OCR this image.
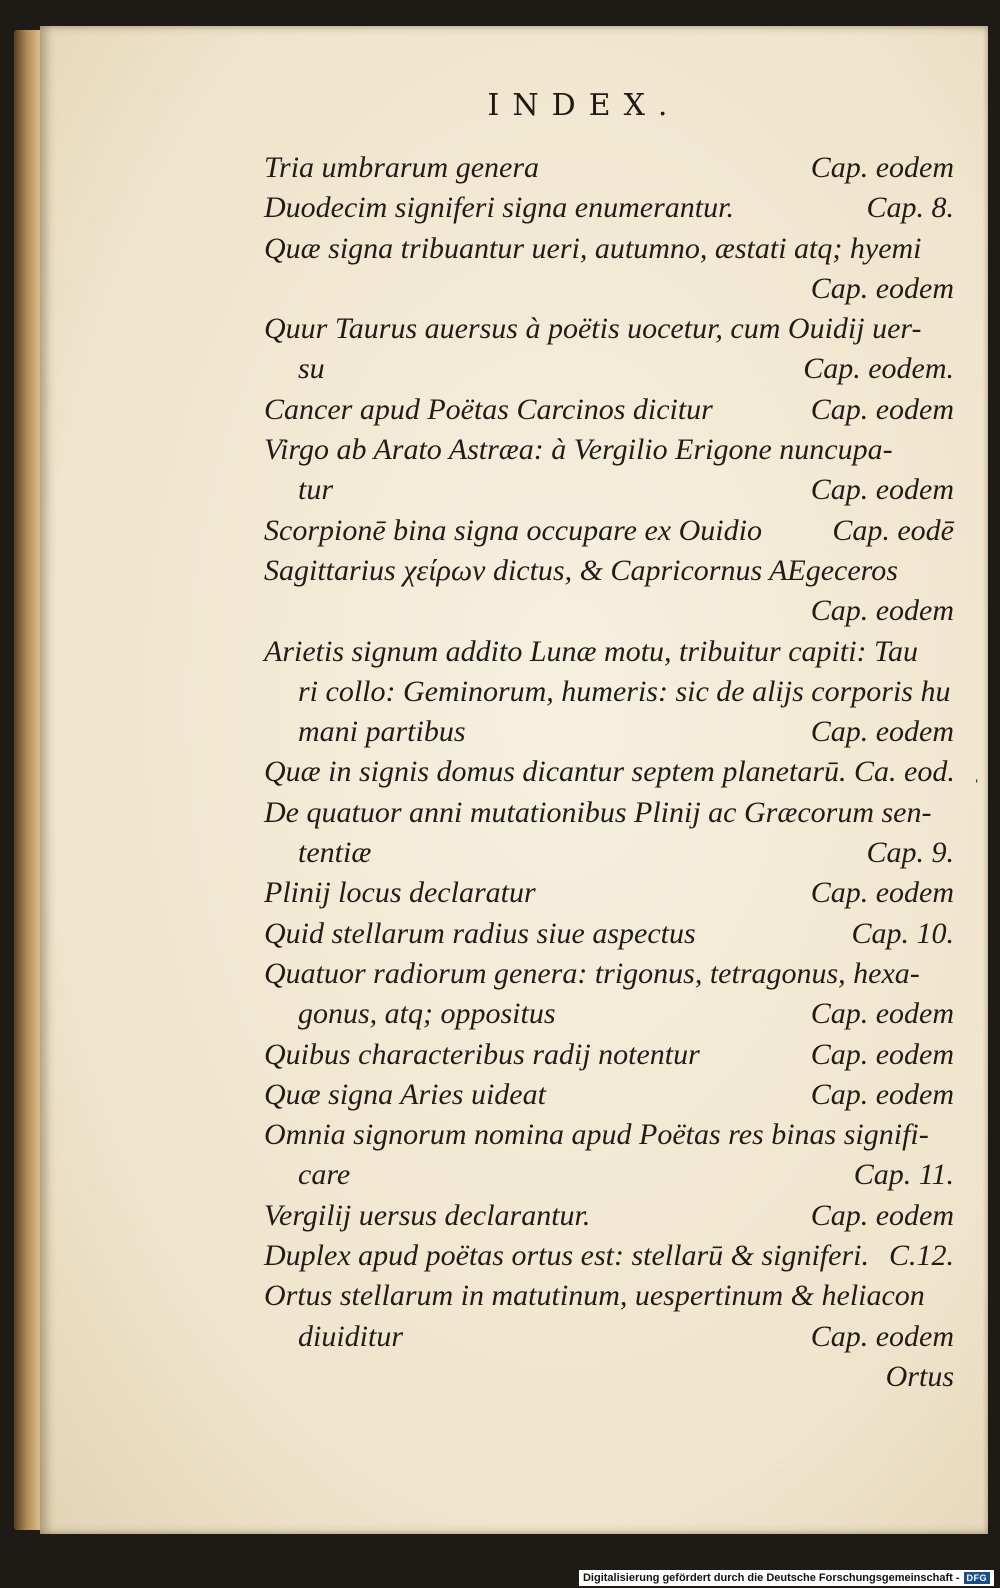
INDEX.
Tria umbrarum genera	Cap. eodem
Duodecim signiferi signa enumerantur.	Cap. 8.
Quæ signa tribuantur ueri, autumno, æstati atq; hyemi
Cap. eodem
Quur Taurus auersus à poëtis uocetur, cum Ouidij uer-
su	Cap. eodem.
Cancer apud Poëtas Carcinos dicitur	Cap. eodem
Virgo ab Arato Astræa: à Vergilio Erigone nuncupa-
tur	Cap. eodem
Scorpionē bina signa occupare ex Ouidio Cap. eodē
Sagittarius χείρων dictus, & Capricornus AEgeceros
Cap. eodem
Arietis signum addito Lunæ motu, tribuitur capiti: Tau
ri collo: Geminorum, humeris: sic de alijs corporis hu
mani partibus	Cap. eodem
Quæ in signis domus dicantur septem planetarū. Ca. eod. ˌ
De quatuor anni mutationibus Plinij ac Græcorum sen-
tentiæ	Cap. 9.
Plinij locus declaratur	Cap. eodem
Quid stellarum radius siue aspectus	Cap. 10.
Quatuor radiorum genera: trigonus, tetragonus, hexa-
gonus, atq; oppositus	Cap. eodem
Quibus characteribus radij notentur	Cap. eodem
Quæ signa Aries uideat	Cap. eodem
Omnia signorum nomina apud Poëtas res binas signifi-
care	Cap. 11.
Vergilij uersus declarantur.	Cap. eodem
Duplex apud poëtas ortus est: stellarū & signiferi. C.12.
Ortus stellarum in matutinum, uespertinum & heliacon
diuiditur	Cap. eodem
Ortus
Digitalisierung gefördert durch die Deutsche Forschungsgemeinschaft - DFG
